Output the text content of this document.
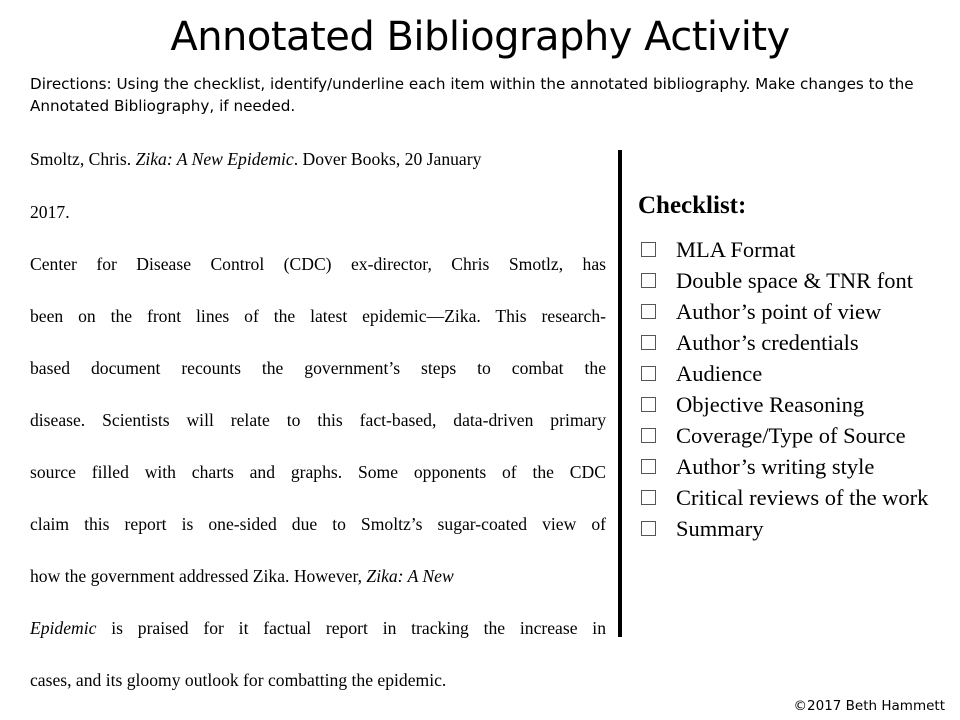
Annotated Bibliography Activity
Directions: Using the checklist, identify/underline each item within the annotated bibliography. Make changes to the Annotated Bibliography, if needed.
Smoltz, Chris. Zika: A New Epidemic. Dover Books, 20 January
2017.
Center for Disease Control (CDC) ex-director, Chris Smotlz, has
been on the front lines of the latest epidemic—Zika. This research-
based document recounts the government’s steps to combat the
disease. Scientists will relate to this fact-based, data-driven primary
source filled with charts and graphs. Some opponents of the CDC
claim this report is one-sided due to Smoltz’s sugar-coated view of
how the government addressed Zika. However, Zika: A New
Epidemic is praised for it factual report in tracking the increase in
cases, and its gloomy outlook for combatting the epidemic.
Checklist:
MLA Format
Double space & TNR font
Author’s point of view
Author’s credentials
Audience
Objective Reasoning
Coverage/Type of Source
Author’s writing style
Critical reviews of the work
Summary
©2017 Beth Hammett
